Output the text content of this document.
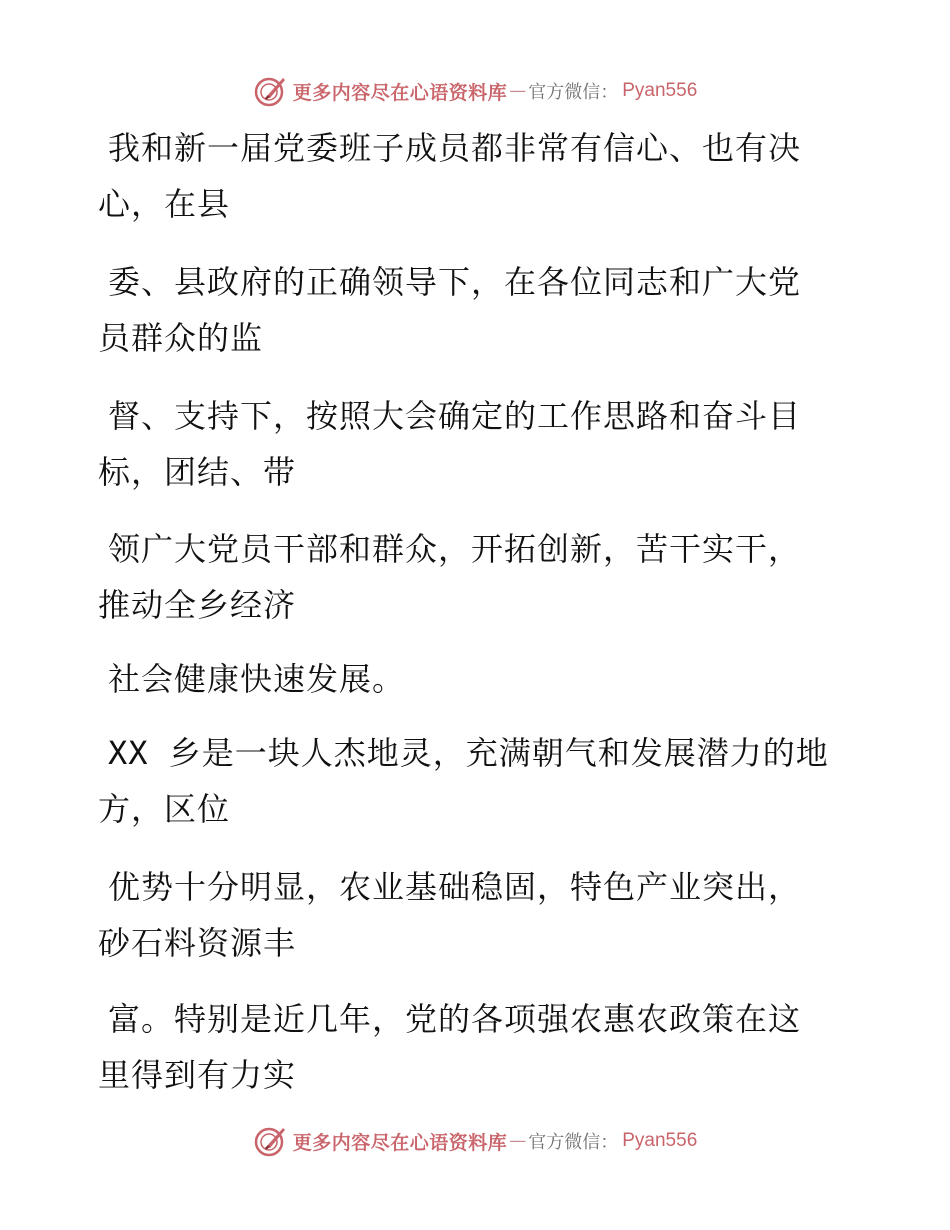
更多内容尽在心语资料库 — 官方微信： Pyan556
我和新一届党委班子成员都非常有信心、也有决
心，在县
委、县政府的正确领导下，在各位同志和广大党
员群众的监
督、支持下，按照大会确定的工作思路和奋斗目
标，团结、带
领广大党员干部和群众，开拓创新，苦干实干，
推动全乡经济
社会健康快速发展。
XX 乡是一块人杰地灵，充满朝气和发展潜力的地
方，区位
优势十分明显，农业基础稳固，特色产业突出，
砂石料资源丰
富。特别是近几年，党的各项强农惠农政策在这
里得到有力实
更多内容尽在心语资料库 — 官方微信： Pyan556
